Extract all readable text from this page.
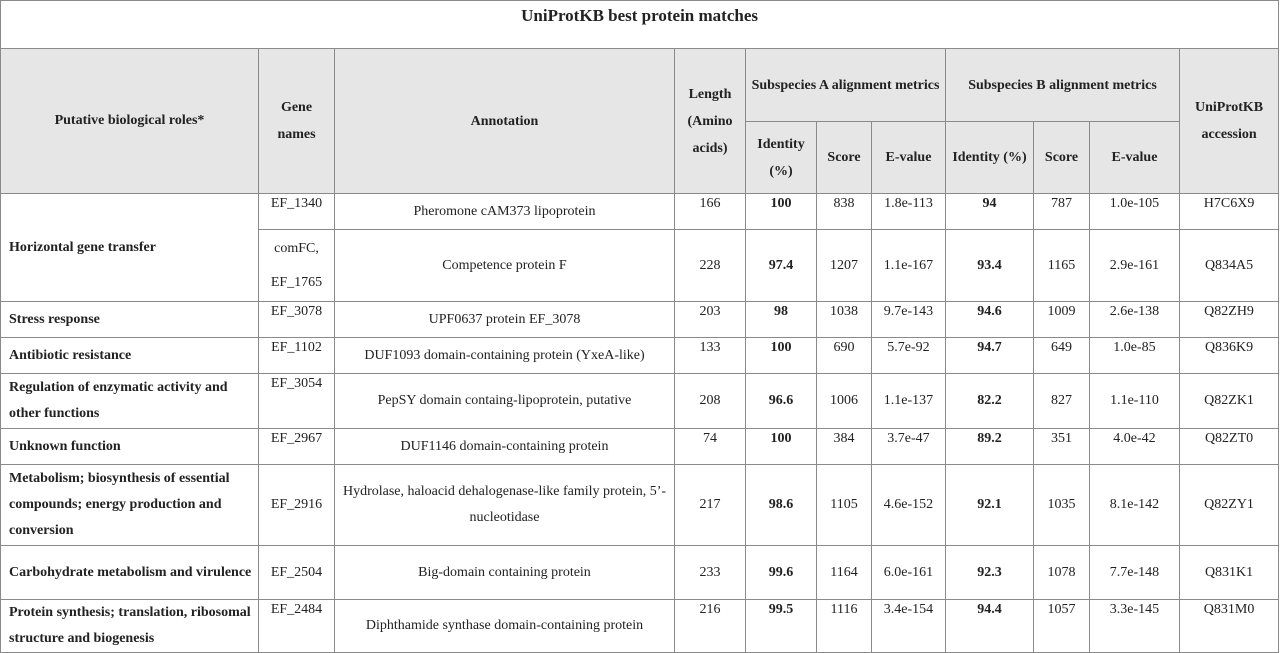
UniProtKB best protein matches										
Putative biological roles*	Gene names	Annotation	Length (Amino acids)	Subspecies A alignment metrics			Subspecies B alignment metrics			UniProtKB accession
				Identity (%)	Score	E-value	Identity (%)	Score	E-value	
Horizontal gene transfer	EF_1340	Pheromone cAM373 lipoprotein	166	100	838	1.8e-113	94	787	1.0e-105	H7C6X9
	comFC, EF_1765	Competence protein F	228	97.4	1207	1.1e-167	93.4	1165	2.9e-161	Q834A5
Stress response	EF_3078	UPF0637 protein EF_3078	203	98	1038	9.7e-143	94.6	1009	2.6e-138	Q82ZH9
Antibiotic resistance	EF_1102	DUF1093 domain-containing protein (YxeA-like)	133	100	690	5.7e-92	94.7	649	1.0e-85	Q836K9
Regulation of enzymatic activity and other functions	EF_3054	PepSY domain containg-lipoprotein, putative	208	96.6	1006	1.1e-137	82.2	827	1.1e-110	Q82ZK1
Unknown function	EF_2967	DUF1146 domain-containing protein	74	100	384	3.7e-47	89.2	351	4.0e-42	Q82ZT0
Metabolism; biosynthesis of essential compounds; energy production and conversion	EF_2916	Hydrolase, haloacid dehalogenase-like family protein, 5’-nucleotidase	217	98.6	1105	4.6e-152	92.1	1035	8.1e-142	Q82ZY1
Carbohydrate metabolism and virulence	EF_2504	Big-domain containing protein	233	99.6	1164	6.0e-161	92.3	1078	7.7e-148	Q831K1
Protein synthesis; translation, ribosomal structure and biogenesis	EF_2484	Diphthamide synthase domain-containing protein	216	99.5	1116	3.4e-154	94.4	1057	3.3e-145	Q831M0
